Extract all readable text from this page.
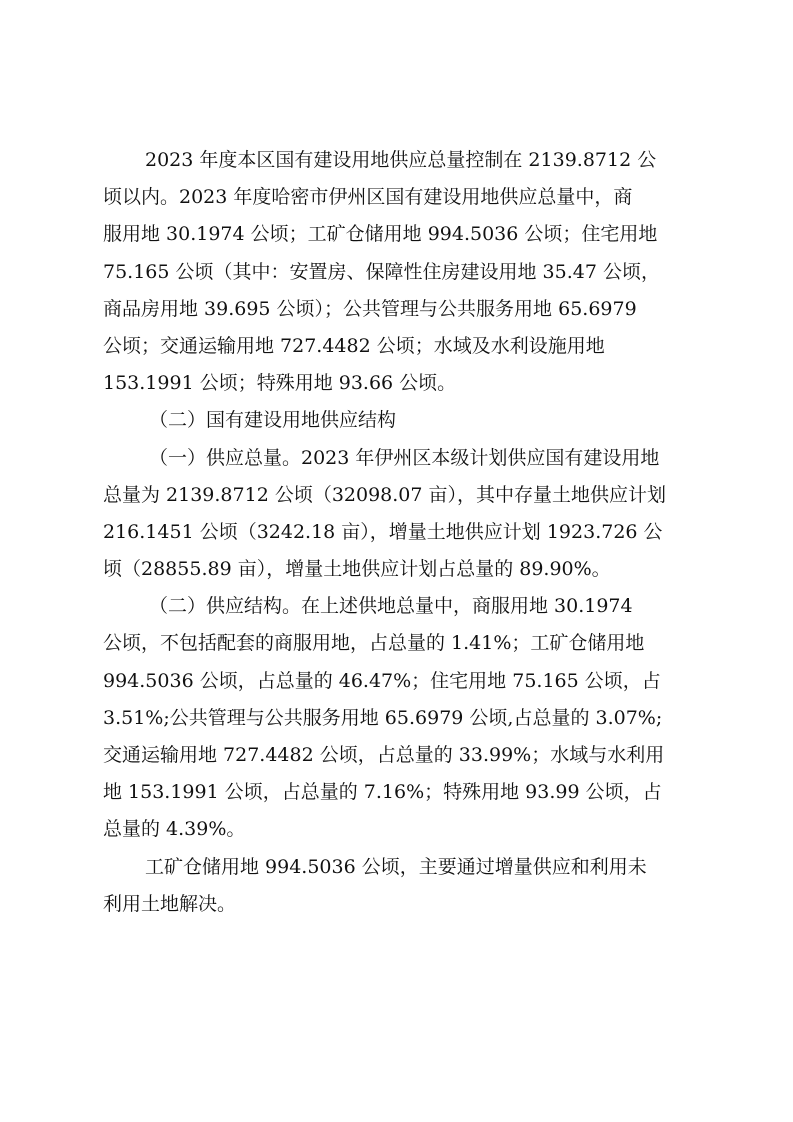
2023 年度本区国有建设用地供应总量控制在 2139.8712 公
顷以内。2023 年度哈密市伊州区国有建设用地供应总量中，商
服用地 30.1974 公顷；工矿仓储用地 994.5036 公顷；住宅用地
75.165 公顷（其中：安置房、保障性住房建设用地 35.47 公顷，
商品房用地 39.695 公顷）；公共管理与公共服务用地 65.6979
公顷；交通运输用地 727.4482 公顷；水域及水利设施用地
153.1991 公顷；特殊用地 93.66 公顷。
（二）国有建设用地供应结构
（一）供应总量。2023 年伊州区本级计划供应国有建设用地
总量为 2139.8712 公顷（32098.07 亩），其中存量土地供应计划
216.1451 公顷（3242.18 亩），增量土地供应计划 1923.726 公
顷（28855.89 亩），增量土地供应计划占总量的 89.90%。
（二）供应结构。在上述供地总量中，商服用地 30.1974
公顷，不包括配套的商服用地，占总量的 1.41%；工矿仓储用地
994.5036 公顷，占总量的 46.47%；住宅用地 75.165 公顷，占
3.51%;公共管理与公共服务用地 65.6979 公顷,占总量的 3.07%;
交通运输用地 727.4482 公顷，占总量的 33.99%；水域与水利用
地 153.1991 公顷，占总量的 7.16%；特殊用地 93.99 公顷，占
总量的 4.39%。
工矿仓储用地 994.5036 公顷，主要通过增量供应和利用未
利用土地解决。
